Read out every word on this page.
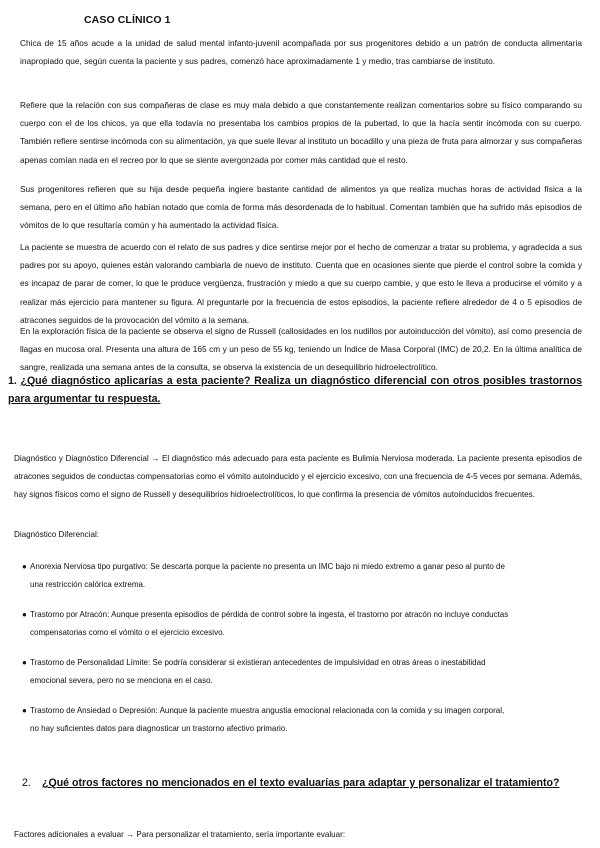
CASO CLÍNICO 1

Chica de 15 años acude a la unidad de salud mental infanto-juvenil acompañada por sus progenitores debido a un patrón de conducta alimentaria inapropiado que, según cuenta la paciente y sus padres, comenzó hace aproximadamente 1 y medio, tras cambiarse de instituto.

Refiere que la relación con sus compañeras de clase es muy mala debido a que constantemente realizan comentarios sobre su físico comparando su cuerpo con el de los chicos, ya que ella todavía no presentaba los cambios propios de la pubertad, lo que la hacía sentir incómoda con su cuerpo. También refiere sentirse incómoda con su alimentación, ya que suele llevar al instituto un bocadillo y una pieza de fruta para almorzar y sus compañeras apenas comían nada en el recreo por lo que se siente avergonzada por comer más cantidad que el resto.

Sus progenitores refieren que su hija desde pequeña ingiere bastante cantidad de alimentos ya que realiza muchas horas de actividad física a la semana, pero en el último año habían notado que comía de forma más desordenada de lo habitual. Comentan también que ha sufrido más episodios de vómitos de lo que resultaría común y ha aumentado la actividad física.

La paciente se muestra de acuerdo con el relato de sus padres y dice sentirse mejor por el hecho de comenzar a tratar su problema, y agradecida a sus padres por su apoyo, quienes están valorando cambiarla de nuevo de instituto. Cuenta que en ocasiones siente que pierde el control sobre la comida y es incapaz de parar de comer, lo que le produce vergüenza, frustración y miedo a que su cuerpo cambie, y que esto le lleva a producirse el vómito y a realizar más ejercicio para mantener su figura. Al preguntarle por la frecuencia de estos episodios, la paciente refiere alrededor de 4 o 5 episodios de atracones seguidos de la provocación del vómito a la semana.

En la exploración física de la paciente se observa el signo de Russell (callosidades en los nudillos por autoinducción del vómito), así como presencia de llagas en mucosa oral. Presenta una altura de 165 cm y un peso de 55 kg, teniendo un Índice de Masa Corporal (IMC) de 20,2. En la última analítica de sangre, realizada una semana antes de la consulta, se observa la existencia de un desequilibrio hidroelectrolítico.

1. ¿Qué diagnóstico aplicarías a esta paciente? Realiza un diagnóstico diferencial con otros posibles trastornos para argumentar tu respuesta.

Diagnóstico y Diagnóstico Diferencial → El diagnóstico más adecuado para esta paciente es Bulimia Nerviosa moderada. La paciente presenta episodios de atracones seguidos de conductas compensatorias como el vómito autoinducido y el ejercicio excesivo, con una frecuencia de 4-5 veces por semana. Además, hay signos físicos como el signo de Russell y desequilibrios hidroelectrolíticos, lo que confirma la presencia de vómitos autoinducidos frecuentes.

Diagnóstico Diferencial:

● Anorexia Nerviosa tipo purgativo: Se descarta porque la paciente no presenta un IMC bajo ni miedo extremo a ganar peso al punto de
una restricción calórica extrema.

● Trastorno por Atracón: Aunque presenta episodios de pérdida de control sobre la ingesta, el trastorno por atracón no incluye conductas
compensatorias como el vómito o el ejercicio excesivo.

● Trastorno de Personalidad Límite: Se podría considerar si existieran antecedentes de impulsividad en otras áreas o inestabilidad
emocional severa, pero no se menciona en el caso.

● Trastorno de Ansiedad o Depresión: Aunque la paciente muestra angustia emocional relacionada con la comida y su imagen corporal,
no hay suficientes datos para diagnosticar un trastorno afectivo primario.

2. ¿Qué otros factores no mencionados en el texto evaluarías para adaptar y personalizar el tratamiento?

Factores adicionales a evaluar → Para personalizar el tratamiento, sería importante evaluar:
